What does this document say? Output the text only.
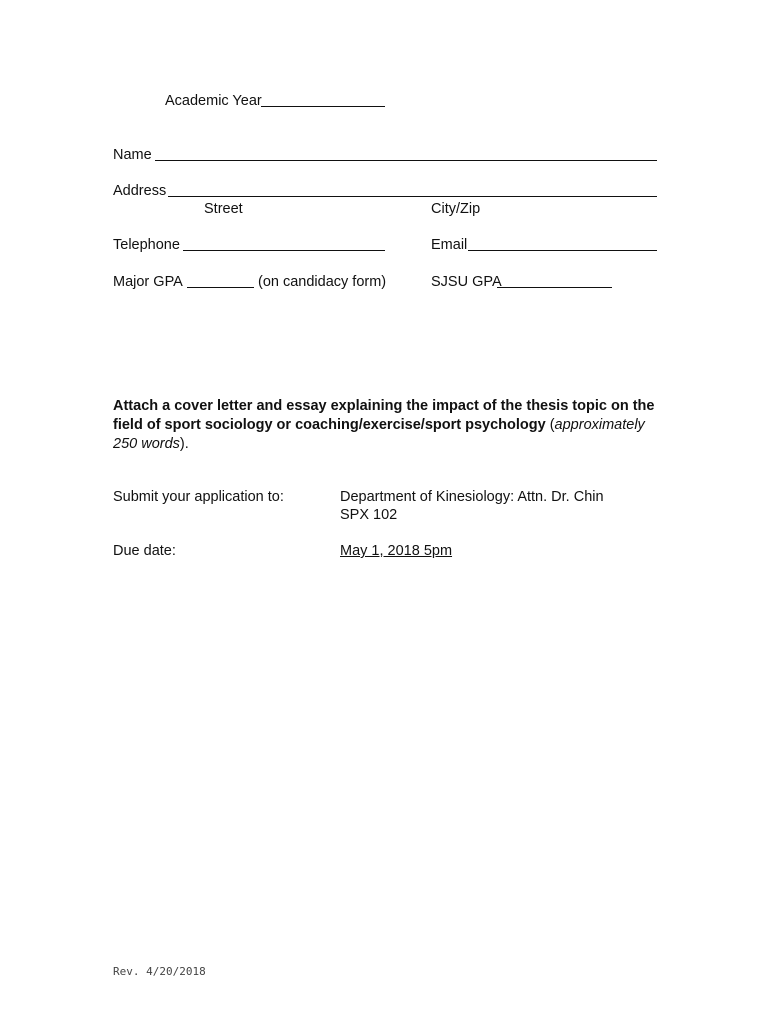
Academic Year
Name
Address
Street	City/Zip
Telephone	Email
Major GPA	(on candidacy form)	SJSU GPA
Attach a cover letter and essay explaining the impact of the thesis topic on the field of sport sociology or coaching/exercise/sport psychology (approximately 250 words).
Submit your application to:	Department of Kinesiology: Attn. Dr. Chin
SPX 102
Due date:	May 1, 2018 5pm
Rev. 4/20/2018
